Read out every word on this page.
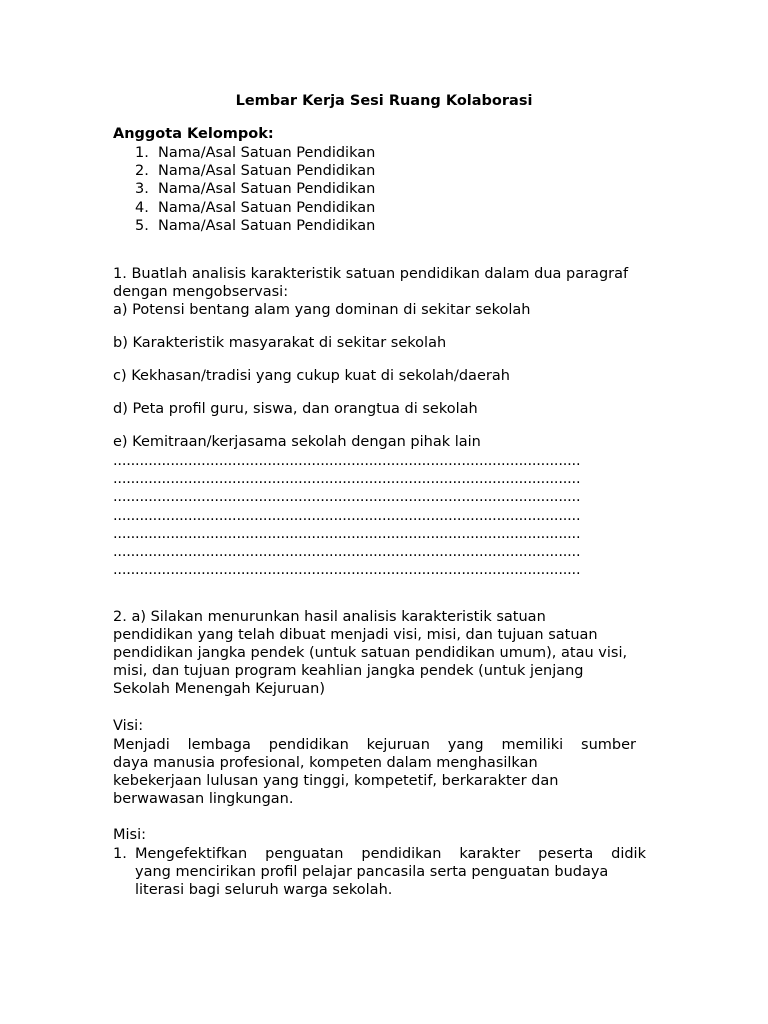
Lembar Kerja Sesi Ruang Kolaborasi
Anggota Kelompok:
1. Nama/Asal Satuan Pendidikan
2. Nama/Asal Satuan Pendidikan
3. Nama/Asal Satuan Pendidikan
4. Nama/Asal Satuan Pendidikan
5. Nama/Asal Satuan Pendidikan
1. Buatlah analisis karakteristik satuan pendidikan dalam dua paragraf
dengan mengobservasi:
a) Potensi bentang alam yang dominan di sekitar sekolah
b) Karakteristik masyarakat di sekitar sekolah
c) Kekhasan/tradisi yang cukup kuat di sekolah/daerah
d) Peta profil guru, siswa, dan orangtua di sekolah
e) Kemitraan/kerjasama sekolah dengan pihak lain
..........................................................................................................
..........................................................................................................
..........................................................................................................
..........................................................................................................
..........................................................................................................
..........................................................................................................
..........................................................................................................
2. a) Silakan menurunkan hasil analisis karakteristik satuan
pendidikan yang telah dibuat menjadi visi, misi, dan tujuan satuan
pendidikan jangka pendek (untuk satuan pendidikan umum), atau visi,
misi, dan tujuan program keahlian jangka pendek (untuk jenjang
Sekolah Menengah Kejuruan)
Visi:
Menjadi lembaga pendidikan kejuruan yang memiliki sumber
daya manusia profesional, kompeten dalam menghasilkan
kebekerjaan lulusan yang tinggi, kompetetif, berkarakter dan
berwawasan lingkungan.
Misi:
1. Mengefektifkan penguatan pendidikan karakter peserta didik
yang mencirikan profil pelajar pancasila serta penguatan budaya
literasi bagi seluruh warga sekolah.
